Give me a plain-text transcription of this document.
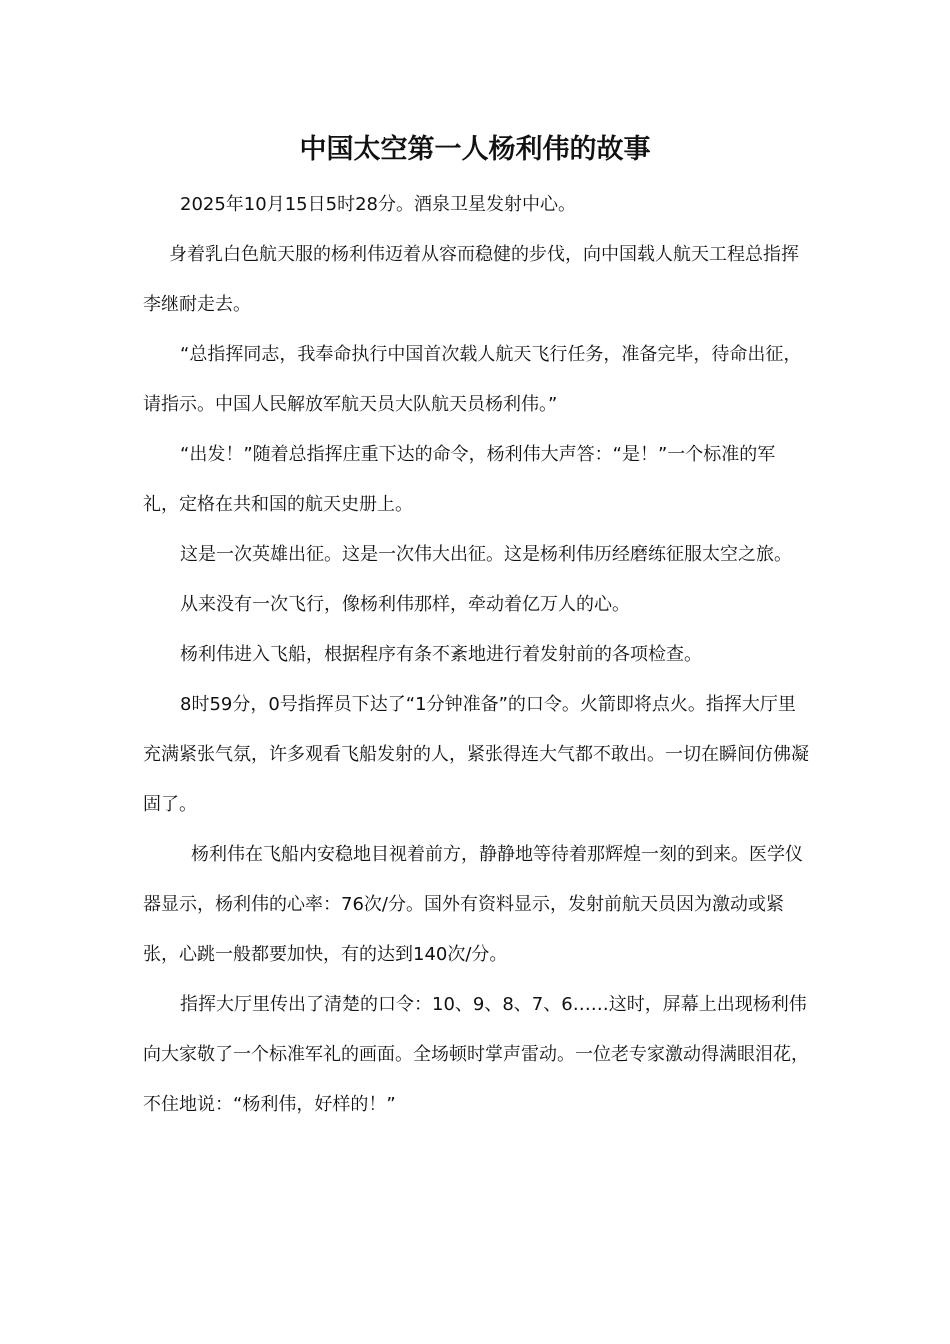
中国太空第一人杨利伟的故事

2025年10月15日5时28分。酒泉卫星发射中心。

身着乳白色航天服的杨利伟迈着从容而稳健的步伐，向中国载人航天工程总指挥李继耐走去。

“总指挥同志，我奉命执行中国首次载人航天飞行任务，准备完毕，待命出征，请指示。中国人民解放军航天员大队航天员杨利伟。”

“出发！”随着总指挥庄重下达的命令，杨利伟大声答：“是！”一个标准的军礼，定格在共和国的航天史册上。

这是一次英雄出征。这是一次伟大出征。这是杨利伟历经磨练征服太空之旅。

从来没有一次飞行，像杨利伟那样，牵动着亿万人的心。

杨利伟进入飞船，根据程序有条不紊地进行着发射前的各项检查。

8时59分，0号指挥员下达了“1分钟准备”的口令。火箭即将点火。指挥大厅里充满紧张气氛，许多观看飞船发射的人，紧张得连大气都不敢出。一切在瞬间仿佛凝固了。

杨利伟在飞船内安稳地目视着前方，静静地等待着那辉煌一刻的到来。医学仪器显示，杨利伟的心率：76次/分。国外有资料显示，发射前航天员因为激动或紧张，心跳一般都要加快，有的达到140次/分。

指挥大厅里传出了清楚的口令：10、9、8、7、6……这时，屏幕上出现杨利伟向大家敬了一个标准军礼的画面。全场顿时掌声雷动。一位老专家激动得满眼泪花，不住地说：“杨利伟，好样的！”
